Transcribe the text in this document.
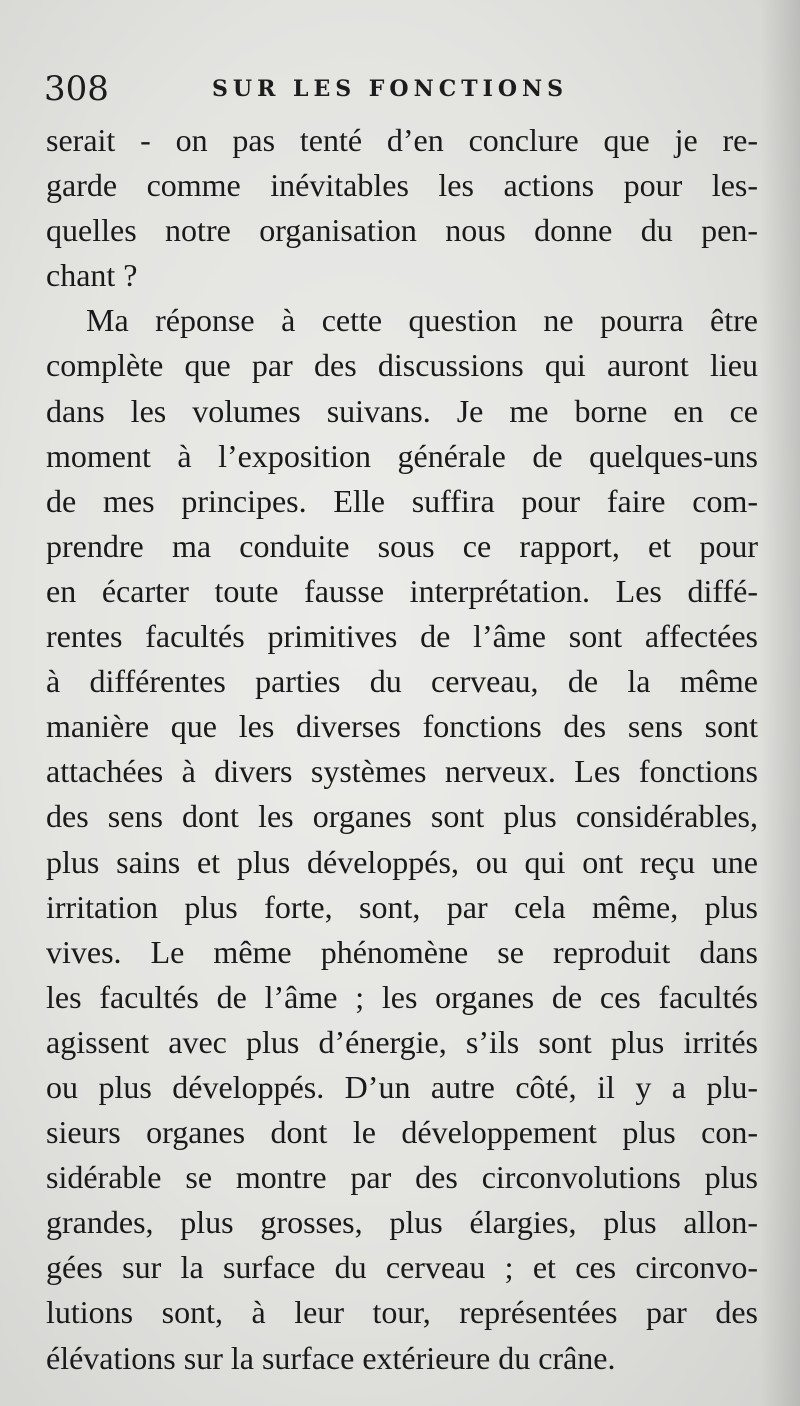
308	SUR LES FONCTIONS
serait - on pas tenté d’en conclure que je re-
garde comme inévitables les actions pour les-
quelles notre organisation nous donne du pen-
chant ?
Ma réponse à cette question ne pourra être
complète que par des discussions qui auront lieu
dans les volumes suivans. Je me borne en ce
moment à l’exposition générale de quelques-uns
de mes principes. Elle suffira pour faire com-
prendre ma conduite sous ce rapport, et pour
en écarter toute fausse interprétation. Les diffé-
rentes facultés primitives de l’âme sont affectées
à différentes parties du cerveau, de la même
manière que les diverses fonctions des sens sont
attachées à divers systèmes nerveux. Les fonctions
des sens dont les organes sont plus considérables,
plus sains et plus développés, ou qui ont reçu une
irritation plus forte, sont, par cela même, plus
vives. Le même phénomène se reproduit dans
les facultés de l’âme ; les organes de ces facultés
agissent avec plus d’énergie, s’ils sont plus irrités
ou plus développés. D’un autre côté, il y a plu-
sieurs organes dont le développement plus con-
sidérable se montre par des circonvolutions plus
grandes, plus grosses, plus élargies, plus allon-
gées sur la surface du cerveau ; et ces circonvo-
lutions sont, à leur tour, représentées par des
élévations sur la surface extérieure du crâne.
